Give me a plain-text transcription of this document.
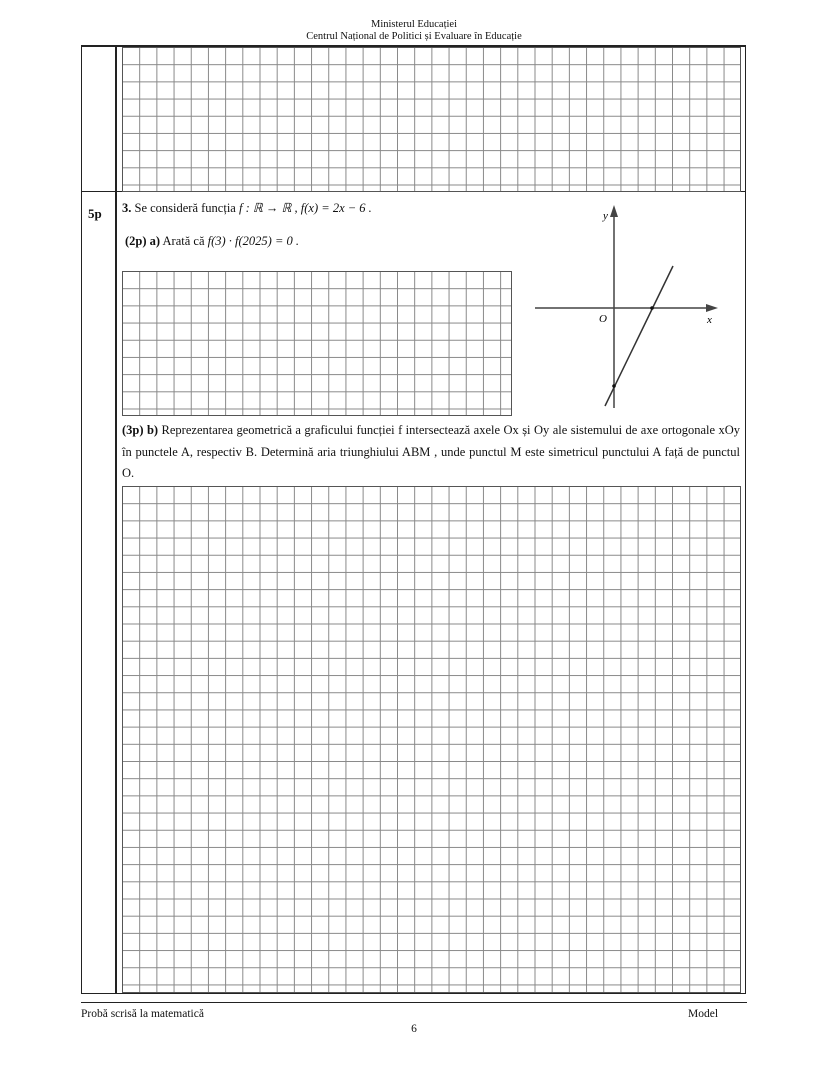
Ministerul Educației
Centrul Național de Politici și Evaluare în Educație
5p 3. Se consideră funcția f : ℝ → ℝ , f(x) = 2x − 6 .
(2p) a) Arată că f(3) · f(2025) = 0 .
y
x
O
(3p) b) Reprezentarea geometrică a graficului funcției f intersectează axele Ox și Oy ale sistemului de axe ortogonale xOy în punctele A, respectiv B. Determină aria triunghiului ABM , unde punctul M este simetricul punctului A față de punctul O.
Probă scrisă la matematică	Model
6
